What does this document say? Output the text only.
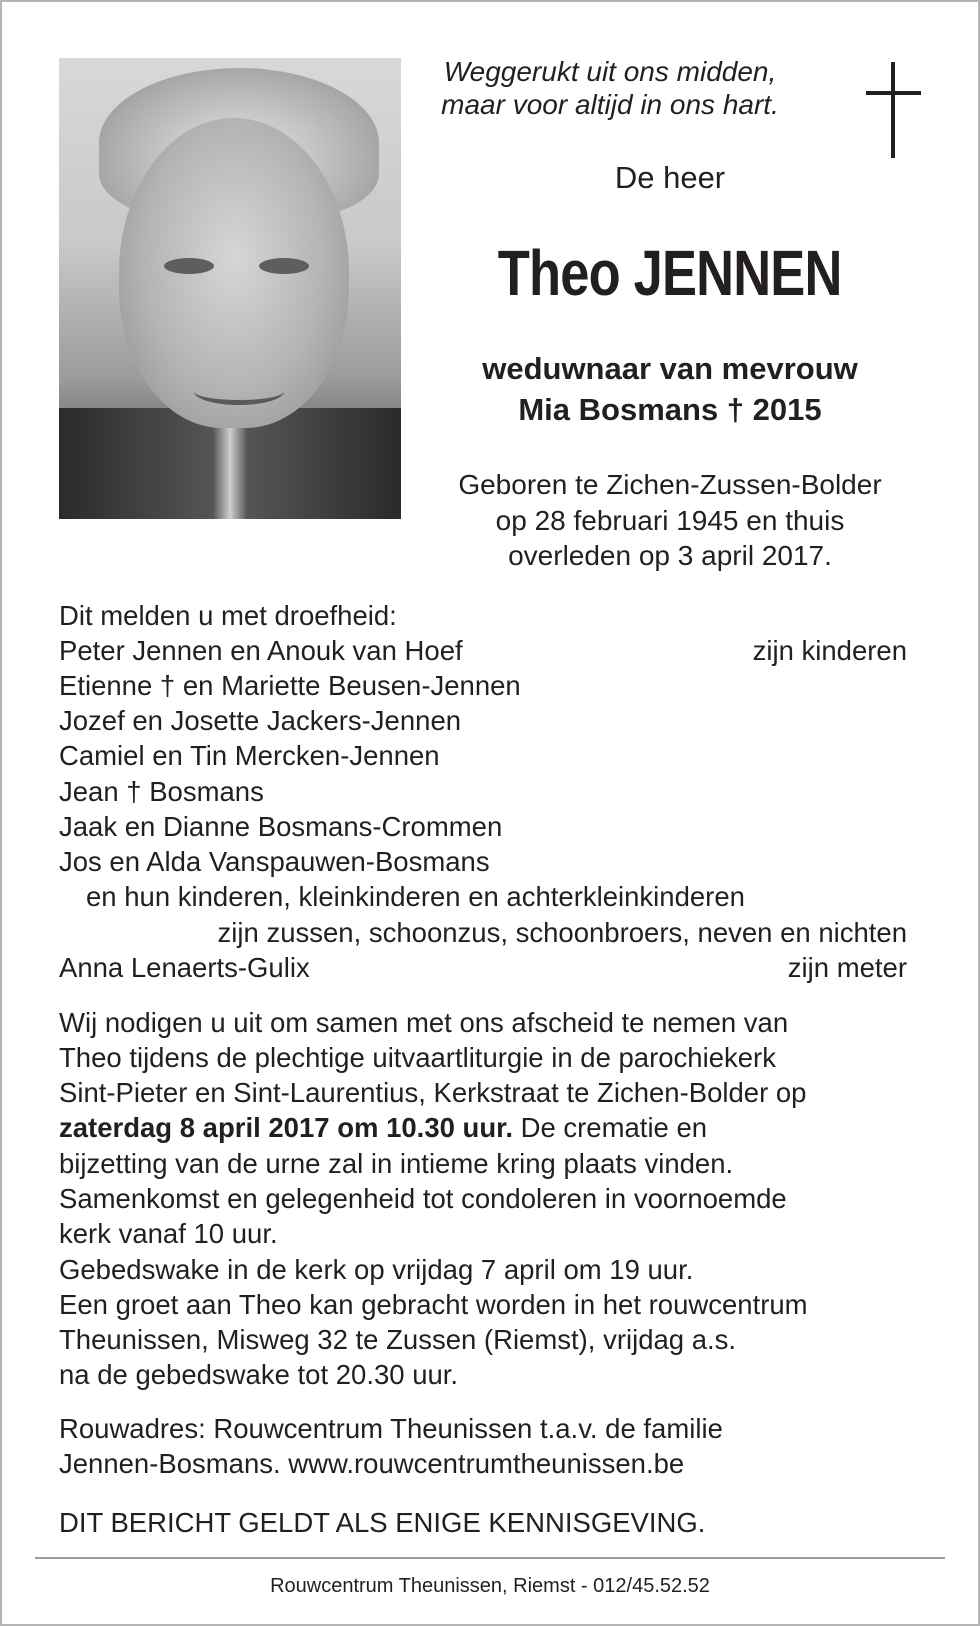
Weggerukt uit ons midden,
maar voor altijd in ons hart.
De heer
Theo JENNEN
weduwnaar van mevrouw
Mia Bosmans † 2015
Geboren te Zichen-Zussen-Bolder
op 28 februari 1945 en thuis
overleden op 3 april 2017.
Dit melden u met droefheid:
Peter Jennen en Anouk van Hoef	zijn kinderen
Etienne † en Mariette Beusen-Jennen
Jozef en Josette Jackers-Jennen
Camiel en Tin Mercken-Jennen
Jean † Bosmans
Jaak en Dianne Bosmans-Crommen
Jos en Alda Vanspauwen-Bosmans
en hun kinderen, kleinkinderen en achterkleinkinderen
zijn zussen, schoonzus, schoonbroers, neven en nichten
Anna Lenaerts-Gulix	zijn meter
Wij nodigen u uit om samen met ons afscheid te nemen van
Theo tijdens de plechtige uitvaartliturgie in de parochiekerk
Sint-Pieter en Sint-Laurentius, Kerkstraat te Zichen-Bolder op
zaterdag 8 april 2017 om 10.30 uur. De crematie en
bijzetting van de urne zal in intieme kring plaats vinden.
Samenkomst en gelegenheid tot condoleren in voornoemde
kerk vanaf 10 uur.
Gebedswake in de kerk op vrijdag 7 april om 19 uur.
Een groet aan Theo kan gebracht worden in het rouwcentrum
Theunissen, Misweg 32 te Zussen (Riemst), vrijdag a.s.
na de gebedswake tot 20.30 uur.
Rouwadres: Rouwcentrum Theunissen t.a.v. de familie
Jennen-Bosmans. www.rouwcentrumtheunissen.be
DIT BERICHT GELDT ALS ENIGE KENNISGEVING.
Rouwcentrum Theunissen, Riemst - 012/45.52.52
